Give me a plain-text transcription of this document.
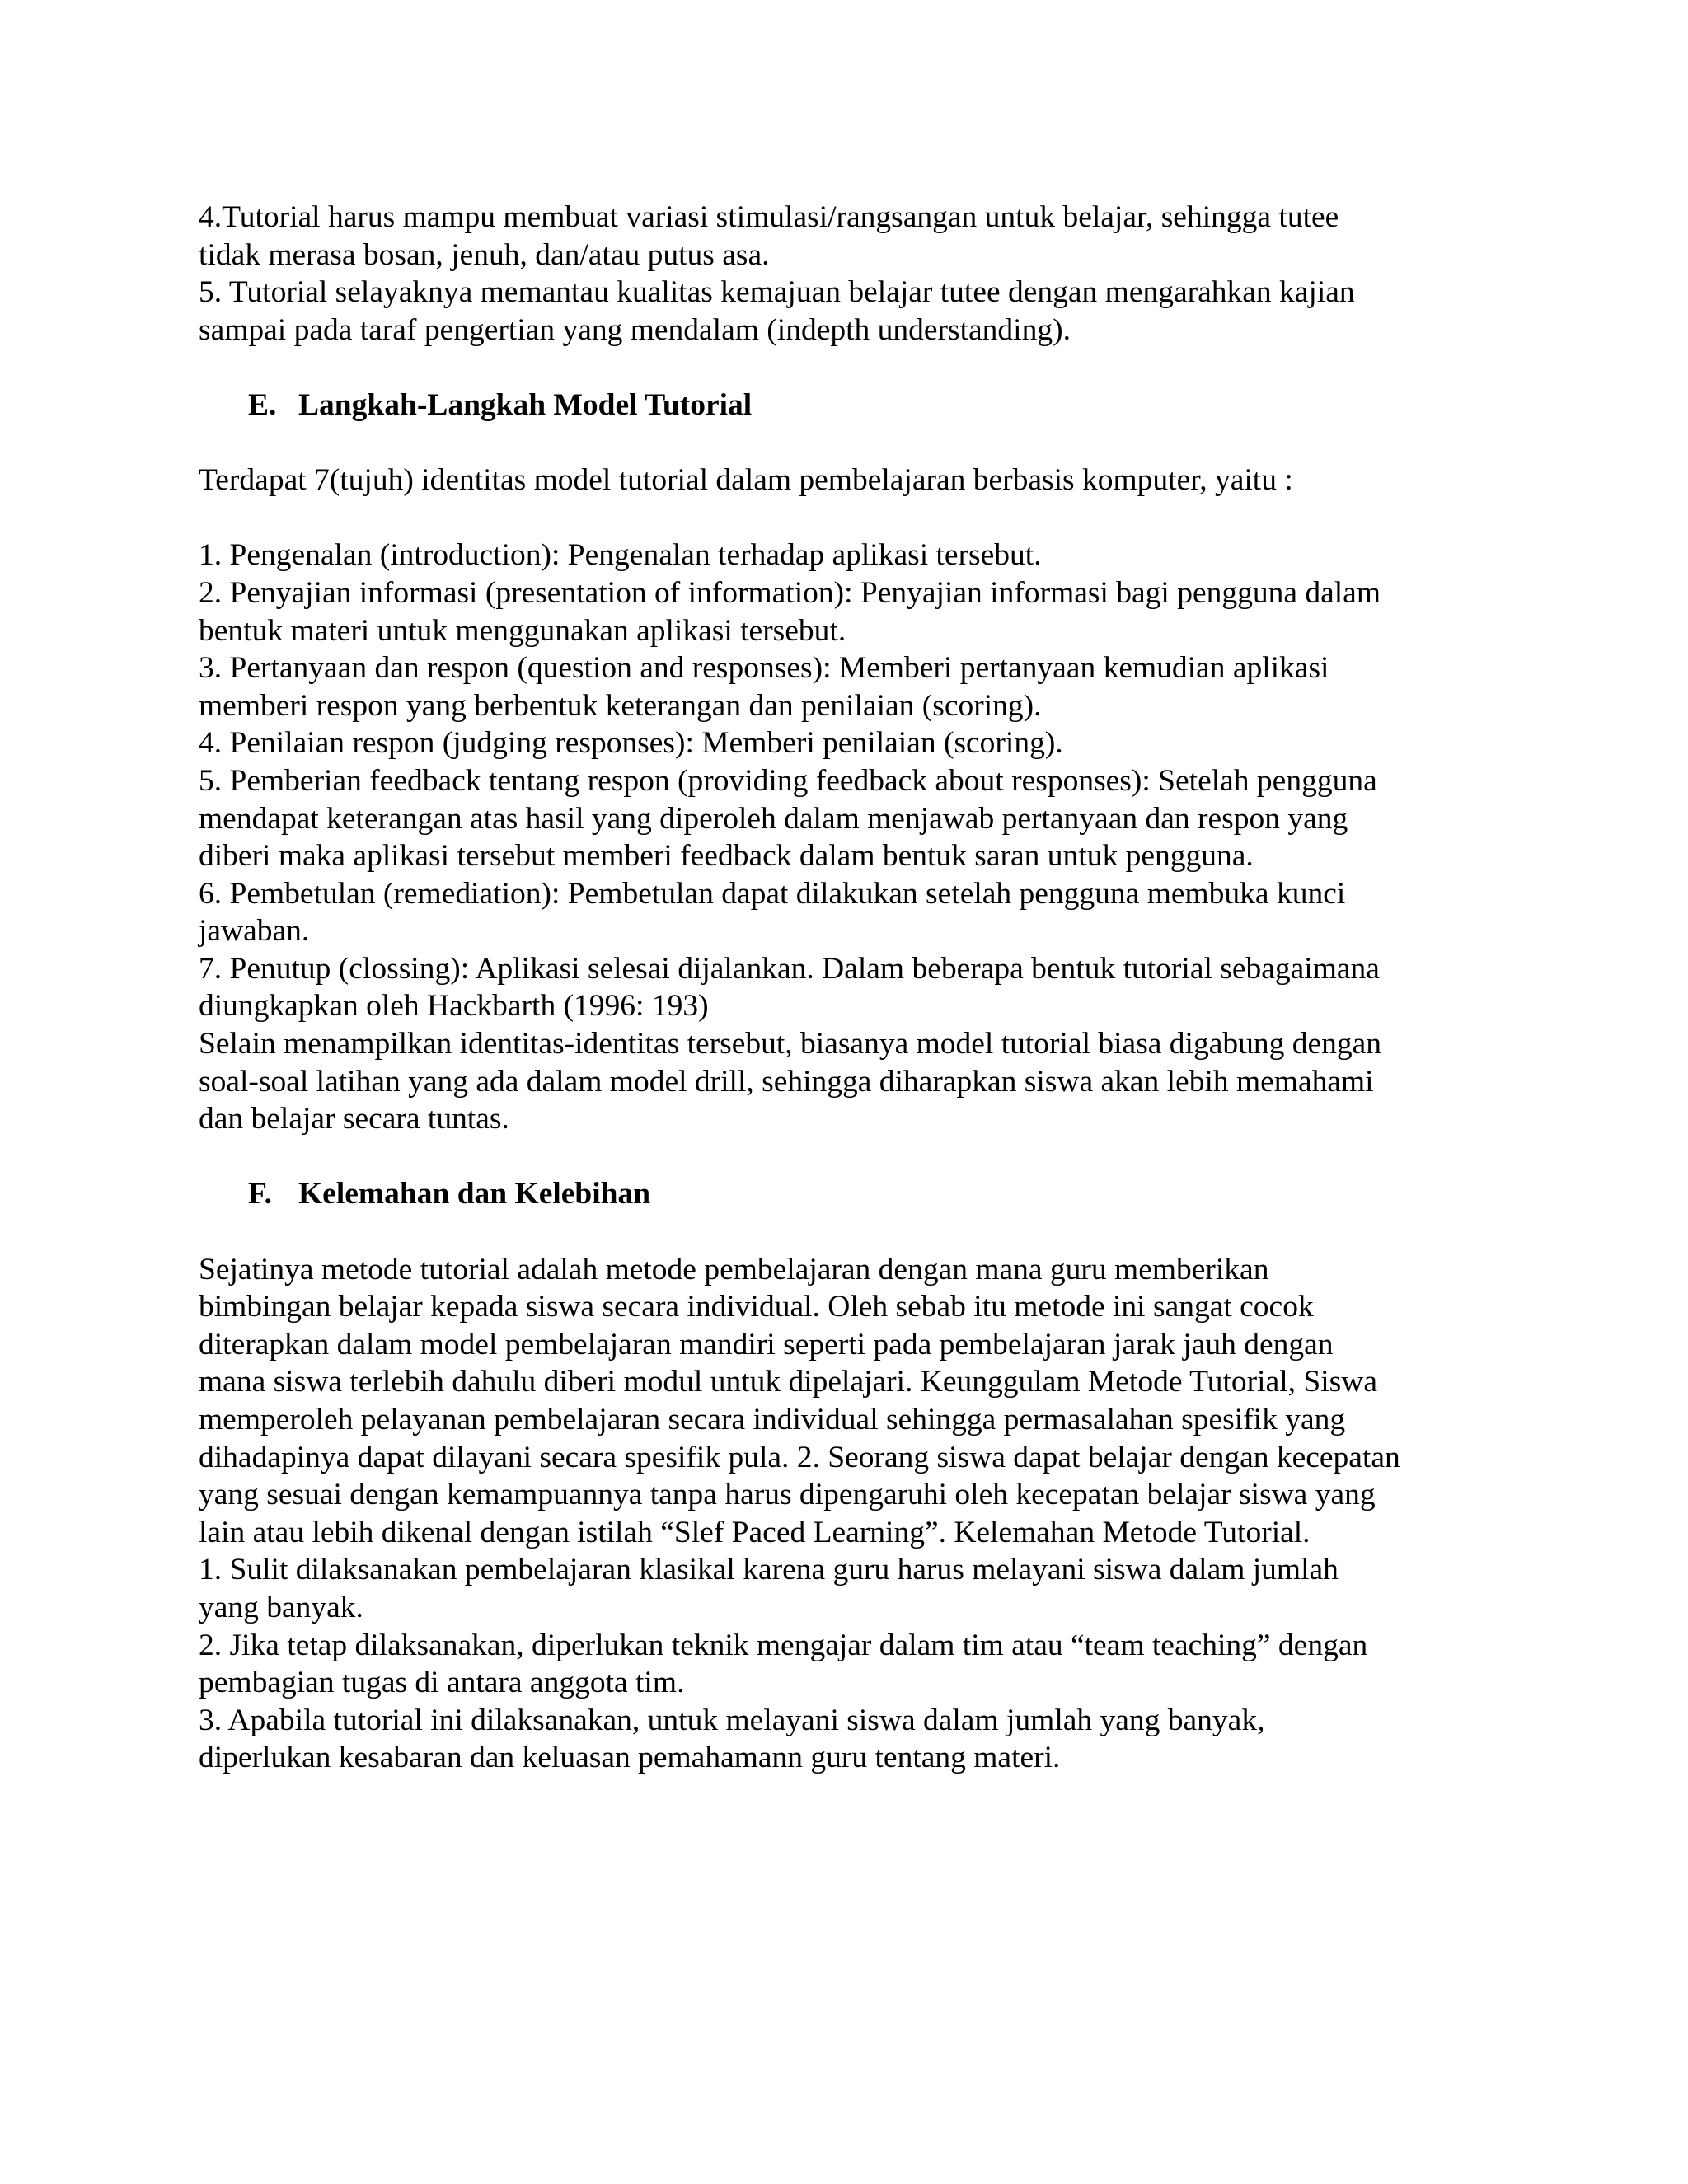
4.Tutorial harus mampu membuat variasi stimulasi/rangsangan untuk belajar, sehingga tutee
tidak merasa bosan, jenuh, dan/atau putus asa.
5. Tutorial selayaknya memantau kualitas kemajuan belajar tutee dengan mengarahkan kajian
sampai pada taraf pengertian yang mendalam (indepth understanding).
E. Langkah-Langkah Model Tutorial
Terdapat 7(tujuh) identitas model tutorial dalam pembelajaran berbasis komputer, yaitu :
1. Pengenalan (introduction): Pengenalan terhadap aplikasi tersebut.
2. Penyajian informasi (presentation of information): Penyajian informasi bagi pengguna dalam
bentuk materi untuk menggunakan aplikasi tersebut.
3. Pertanyaan dan respon (question and responses): Memberi pertanyaan kemudian aplikasi
memberi respon yang berbentuk keterangan dan penilaian (scoring).
4. Penilaian respon (judging responses): Memberi penilaian (scoring).
5. Pemberian feedback tentang respon (providing feedback about responses): Setelah pengguna
mendapat keterangan atas hasil yang diperoleh dalam menjawab pertanyaan dan respon yang
diberi maka aplikasi tersebut memberi feedback dalam bentuk saran untuk pengguna.
6. Pembetulan (remediation): Pembetulan dapat dilakukan setelah pengguna membuka kunci
jawaban.
7. Penutup (clossing): Aplikasi selesai dijalankan. Dalam beberapa bentuk tutorial sebagaimana
diungkapkan oleh Hackbarth (1996: 193)
Selain menampilkan identitas-identitas tersebut, biasanya model tutorial biasa digabung dengan
soal-soal latihan yang ada dalam model drill, sehingga diharapkan siswa akan lebih memahami
dan belajar secara tuntas.
F. Kelemahan dan Kelebihan
Sejatinya metode tutorial adalah metode pembelajaran dengan mana guru memberikan
bimbingan belajar kepada siswa secara individual. Oleh sebab itu metode ini sangat cocok
diterapkan dalam model pembelajaran mandiri seperti pada pembelajaran jarak jauh dengan
mana siswa terlebih dahulu diberi modul untuk dipelajari. Keunggulam Metode Tutorial, Siswa
memperoleh pelayanan pembelajaran secara individual sehingga permasalahan spesifik yang
dihadapinya dapat dilayani secara spesifik pula. 2. Seorang siswa dapat belajar dengan kecepatan
yang sesuai dengan kemampuannya tanpa harus dipengaruhi oleh kecepatan belajar siswa yang
lain atau lebih dikenal dengan istilah “Slef Paced Learning”. Kelemahan Metode Tutorial.
1. Sulit dilaksanakan pembelajaran klasikal karena guru harus melayani siswa dalam jumlah
yang banyak.
2. Jika tetap dilaksanakan, diperlukan teknik mengajar dalam tim atau “team teaching” dengan
pembagian tugas di antara anggota tim.
3. Apabila tutorial ini dilaksanakan, untuk melayani siswa dalam jumlah yang banyak,
diperlukan kesabaran dan keluasan pemahamann guru tentang materi.
